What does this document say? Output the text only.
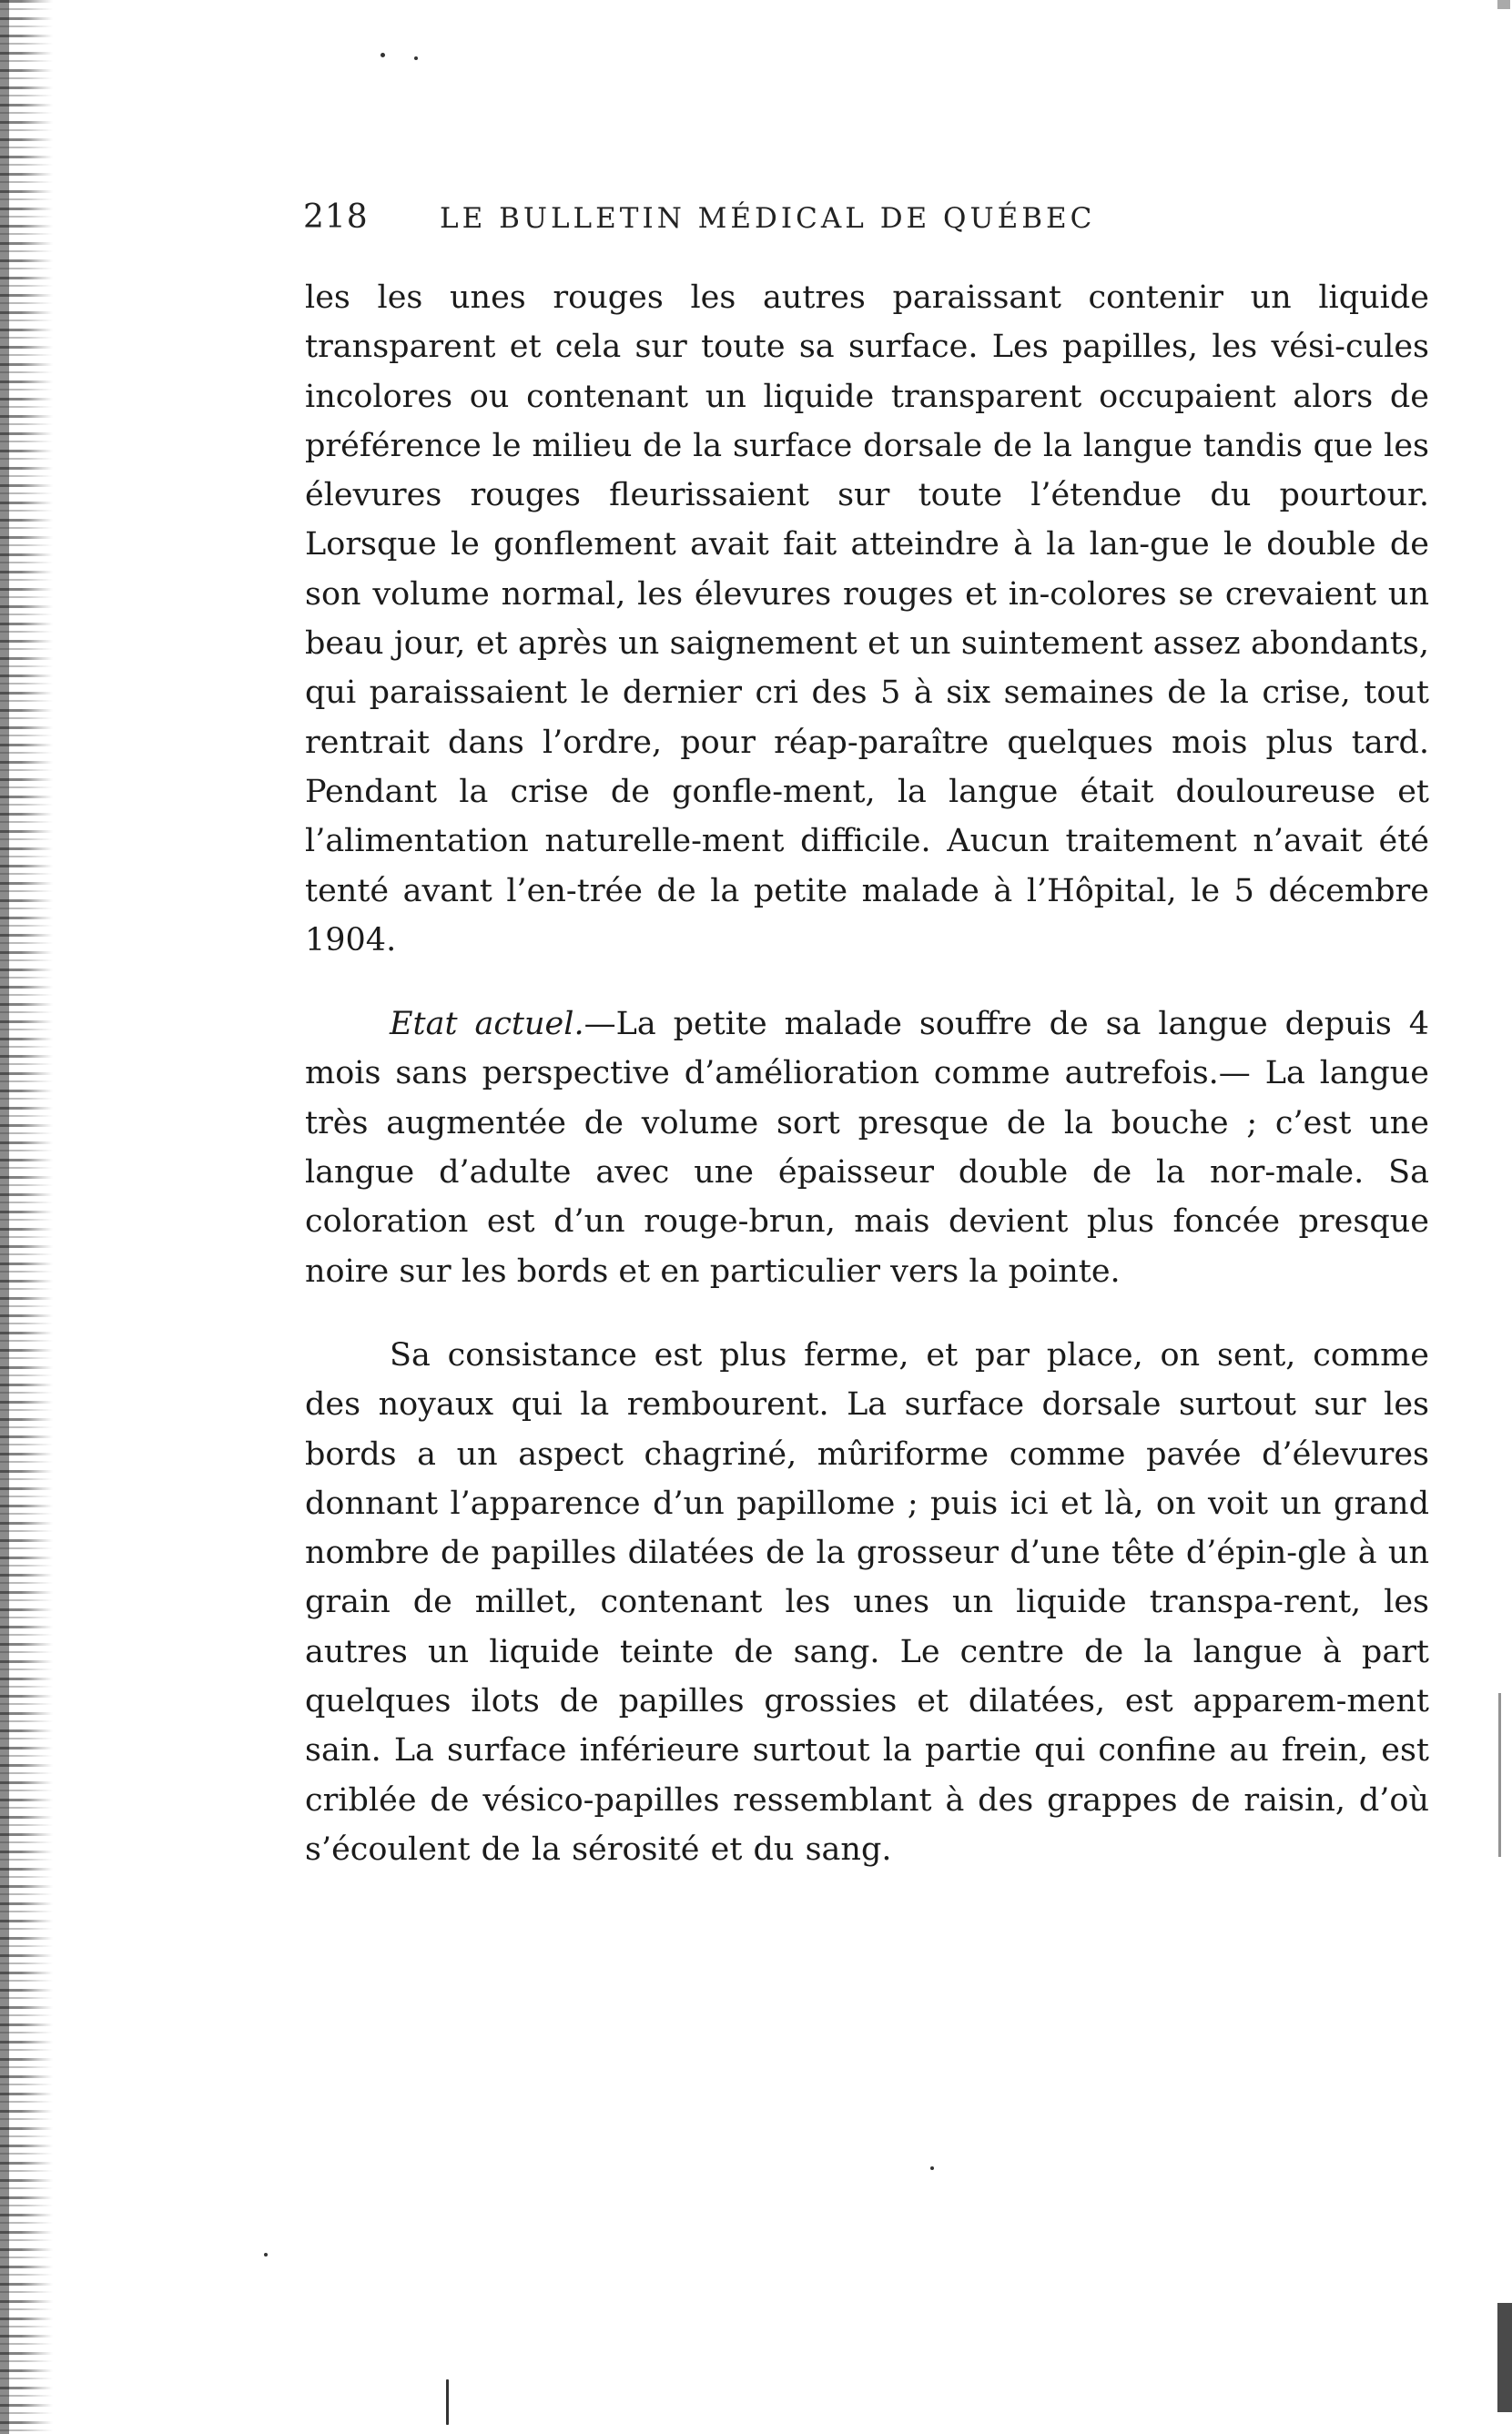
218	LE BULLETIN MÉDICAL DE QUÉBEC

les les unes rouges les autres paraissant contenir un liquide transparent et cela sur toute sa surface. Les papilles, les vési-cules incolores ou contenant un liquide transparent occupaient alors de préférence le milieu de la surface dorsale de la langue tandis que les élevures rouges fleurissaient sur toute l’étendue du pourtour. Lorsque le gonflement avait fait atteindre à la lan-gue le double de son volume normal, les élevures rouges et in-colores se crevaient un beau jour, et après un saignement et un suintement assez abondants, qui paraissaient le dernier cri des 5 à six semaines de la crise, tout rentrait dans l’ordre, pour réap-paraître quelques mois plus tard. Pendant la crise de gonfle-ment, la langue était douloureuse et l’alimentation naturelle-ment difficile. Aucun traitement n’avait été tenté avant l’en-trée de la petite malade à l’Hôpital, le 5 décembre 1904.

Etat actuel.—La petite malade souffre de sa langue depuis 4 mois sans perspective d’amélioration comme autrefois.— La langue très augmentée de volume sort presque de la bouche ; c’est une langue d’adulte avec une épaisseur double de la nor-male. Sa coloration est d’un rouge-brun, mais devient plus foncée presque noire sur les bords et en particulier vers la pointe.

Sa consistance est plus ferme, et par place, on sent, comme des noyaux qui la rembourent. La surface dorsale surtout sur les bords a un aspect chagriné, mûriforme comme pavée d’élevures donnant l’apparence d’un papillome ; puis ici et là, on voit un grand nombre de papilles dilatées de la grosseur d’une tête d’épin-gle à un grain de millet, contenant les unes un liquide transpa-rent, les autres un liquide teinte de sang. Le centre de la langue à part quelques ilots de papilles grossies et dilatées, est apparem-ment sain. La surface inférieure surtout la partie qui confine au frein, est criblée de vésico-papilles ressemblant à des grappes de raisin, d’où s’écoulent de la sérosité et du sang.
